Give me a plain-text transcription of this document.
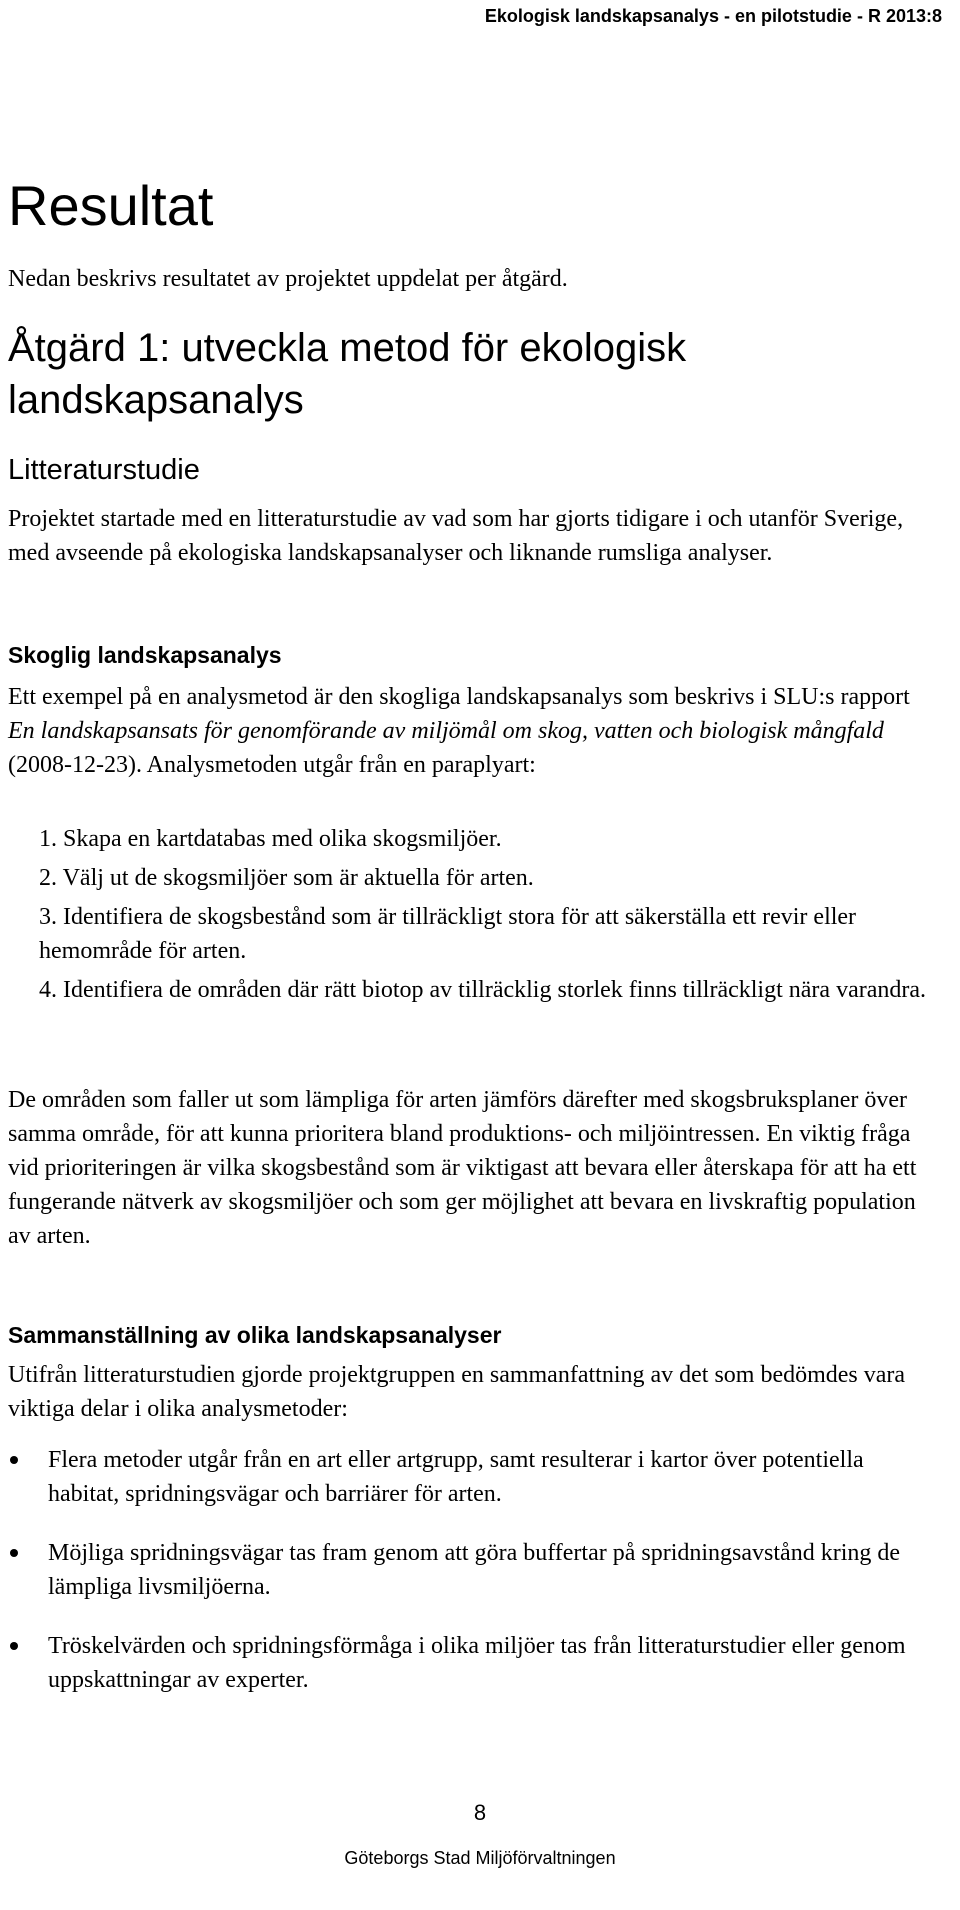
Ekologisk landskapsanalys - en pilotstudie - R 2013:8
Resultat

Nedan beskrivs resultatet av projektet uppdelat per åtgärd.

Åtgärd 1: utveckla metod för ekologisk landskapsanalys
Litteraturstudie

Projektet startade med en litteraturstudie av vad som har gjorts tidigare i och utanför Sverige, med avseende på ekologiska landskapsanalyser och liknande rumsliga analyser.

Skoglig landskapsanalys

Ett exempel på en analysmetod är den skogliga landskapsanalys som beskrivs i SLU:s rapport En landskapsansats för genomförande av miljömål om skog, vatten och biologisk mångfald (2008-12-23). Analysmetoden utgår från en paraplyart:

1. Skapa en kartdatabas med olika skogsmiljöer.
2. Välj ut de skogsmiljöer som är aktuella för arten.
3. Identifiera de skogsbestånd som är tillräckligt stora för att säkerställa ett revir eller hemområde för arten.
4. Identifiera de områden där rätt biotop av tillräcklig storlek finns tillräckligt nära varandra.

De områden som faller ut som lämpliga för arten jämförs därefter med skogsbruksplaner över samma område, för att kunna prioritera bland produktions- och miljöintressen. En viktig fråga vid prioriteringen är vilka skogsbestånd som är viktigast att bevara eller återskapa för att ha ett fungerande nätverk av skogsmiljöer och som ger möjlighet att bevara en livskraftig population av arten.

Sammanställning av olika landskapsanalyser

Utifrån litteraturstudien gjorde projektgruppen en sammanfattning av det som bedömdes vara viktiga delar i olika analysmetoder:

Flera metoder utgår från en art eller artgrupp, samt resulterar i kartor över potentiella habitat, spridningsvägar och barriärer för arten.
Möjliga spridningsvägar tas fram genom att göra buffertar på spridningsavstånd kring de lämpliga livsmiljöerna.
Tröskelvärden och spridningsförmåga i olika miljöer tas från litteraturstudier eller genom uppskattningar av experter.
8
Göteborgs Stad Miljöförvaltningen
